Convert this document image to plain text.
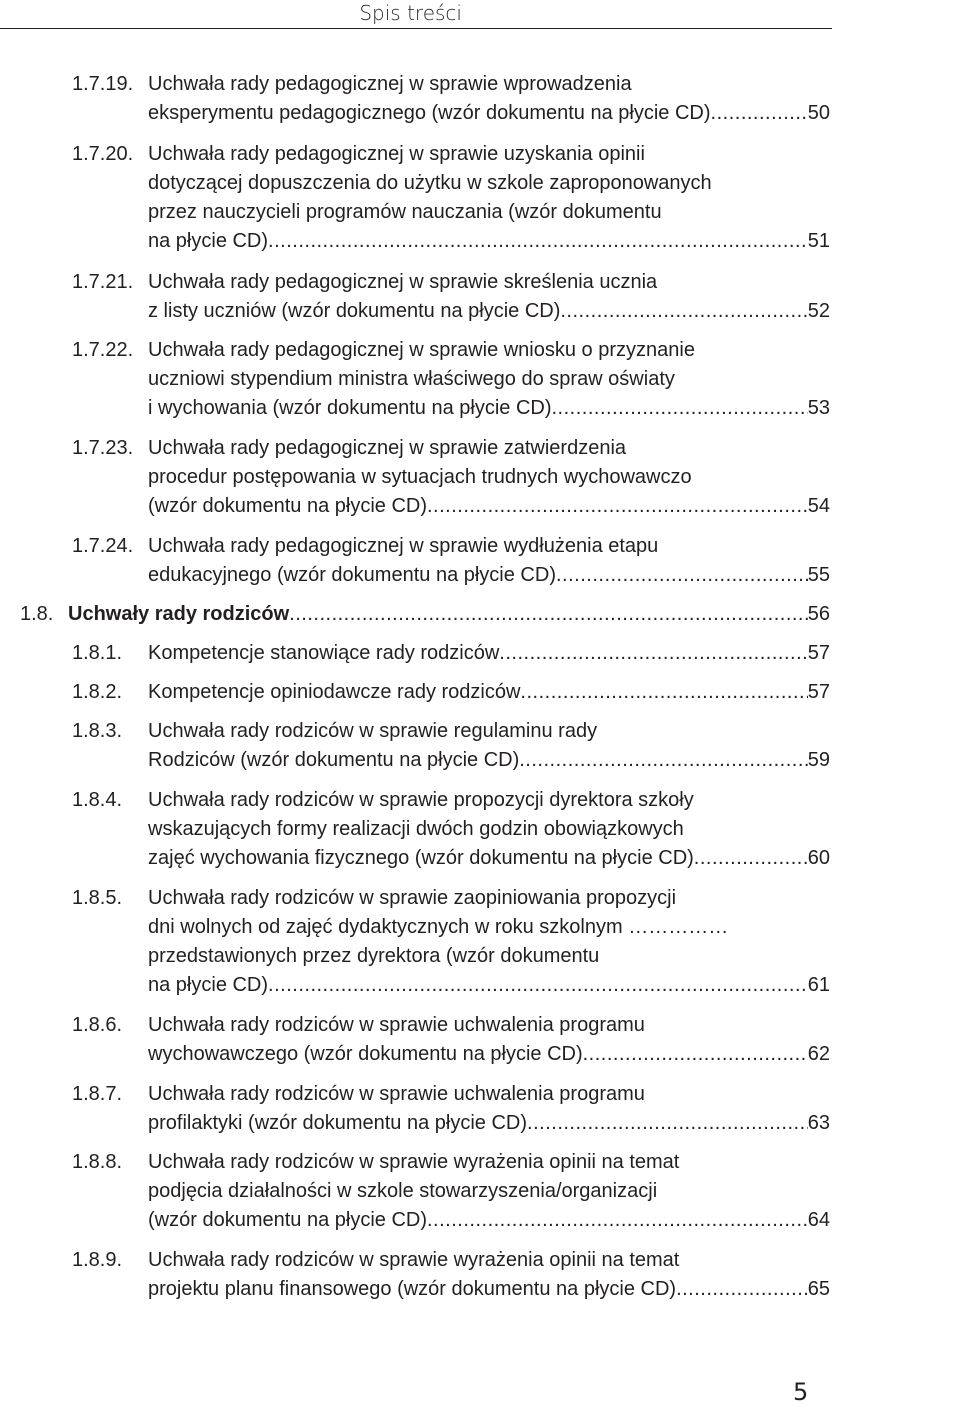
Spis treści
1.7.19. Uchwała rady pedagogicznej w sprawie wprowadzenia
eksperymentu pedagogicznego (wzór dokumentu na płycie CD) .....	50
1.7.20. Uchwała rady pedagogicznej w sprawie uzyskania opinii
dotyczącej dopuszczenia do użytku w szkole zaproponowanych
przez nauczycieli programów nauczania (wzór dokumentu
na płycie CD) .....	51
1.7.21. Uchwała rady pedagogicznej w sprawie skreślenia ucznia
z listy uczniów (wzór dokumentu na płycie CD) .....	52
1.7.22. Uchwała rady pedagogicznej w sprawie wniosku o przyznanie
uczniowi stypendium ministra właściwego do spraw oświaty
i wychowania (wzór dokumentu na płycie CD) .....	53
1.7.23. Uchwała rady pedagogicznej w sprawie zatwierdzenia
procedur postępowania w sytuacjach trudnych wychowawczo
(wzór dokumentu na płycie CD) .....	54
1.7.24. Uchwała rady pedagogicznej w sprawie wydłużenia etapu
edukacyjnego (wzór dokumentu na płycie CD) .....	55
1.8. Uchwały rady rodziców .....	56
1.8.1. Kompetencje stanowiące rady rodziców .....	57
1.8.2. Kompetencje opiniodawcze rady rodziców .....	57
1.8.3. Uchwała rady rodziców w sprawie regulaminu rady
Rodziców (wzór dokumentu na płycie CD) .....	59
1.8.4. Uchwała rady rodziców w sprawie propozycji dyrektora szkoły
wskazujących formy realizacji dwóch godzin obowiązkowych
zajęć wychowania fizycznego (wzór dokumentu na płycie CD) .....	60
1.8.5. Uchwała rady rodziców w sprawie zaopiniowania propozycji
dni wolnych od zajęć dydaktycznych w roku szkolnym ……………
przedstawionych przez dyrektora (wzór dokumentu
na płycie CD) .....	61
1.8.6. Uchwała rady rodziców w sprawie uchwalenia programu
wychowawczego (wzór dokumentu na płycie CD) .....	62
1.8.7. Uchwała rady rodziców w sprawie uchwalenia programu
profilaktyki (wzór dokumentu na płycie CD) .....	63
1.8.8. Uchwała rady rodziców w sprawie wyrażenia opinii na temat
podjęcia działalności w szkole stowarzyszenia/organizacji
(wzór dokumentu na płycie CD) .....	64
1.8.9. Uchwała rady rodziców w sprawie wyrażenia opinii na temat
projektu planu finansowego (wzór dokumentu na płycie CD) .....	65
5
